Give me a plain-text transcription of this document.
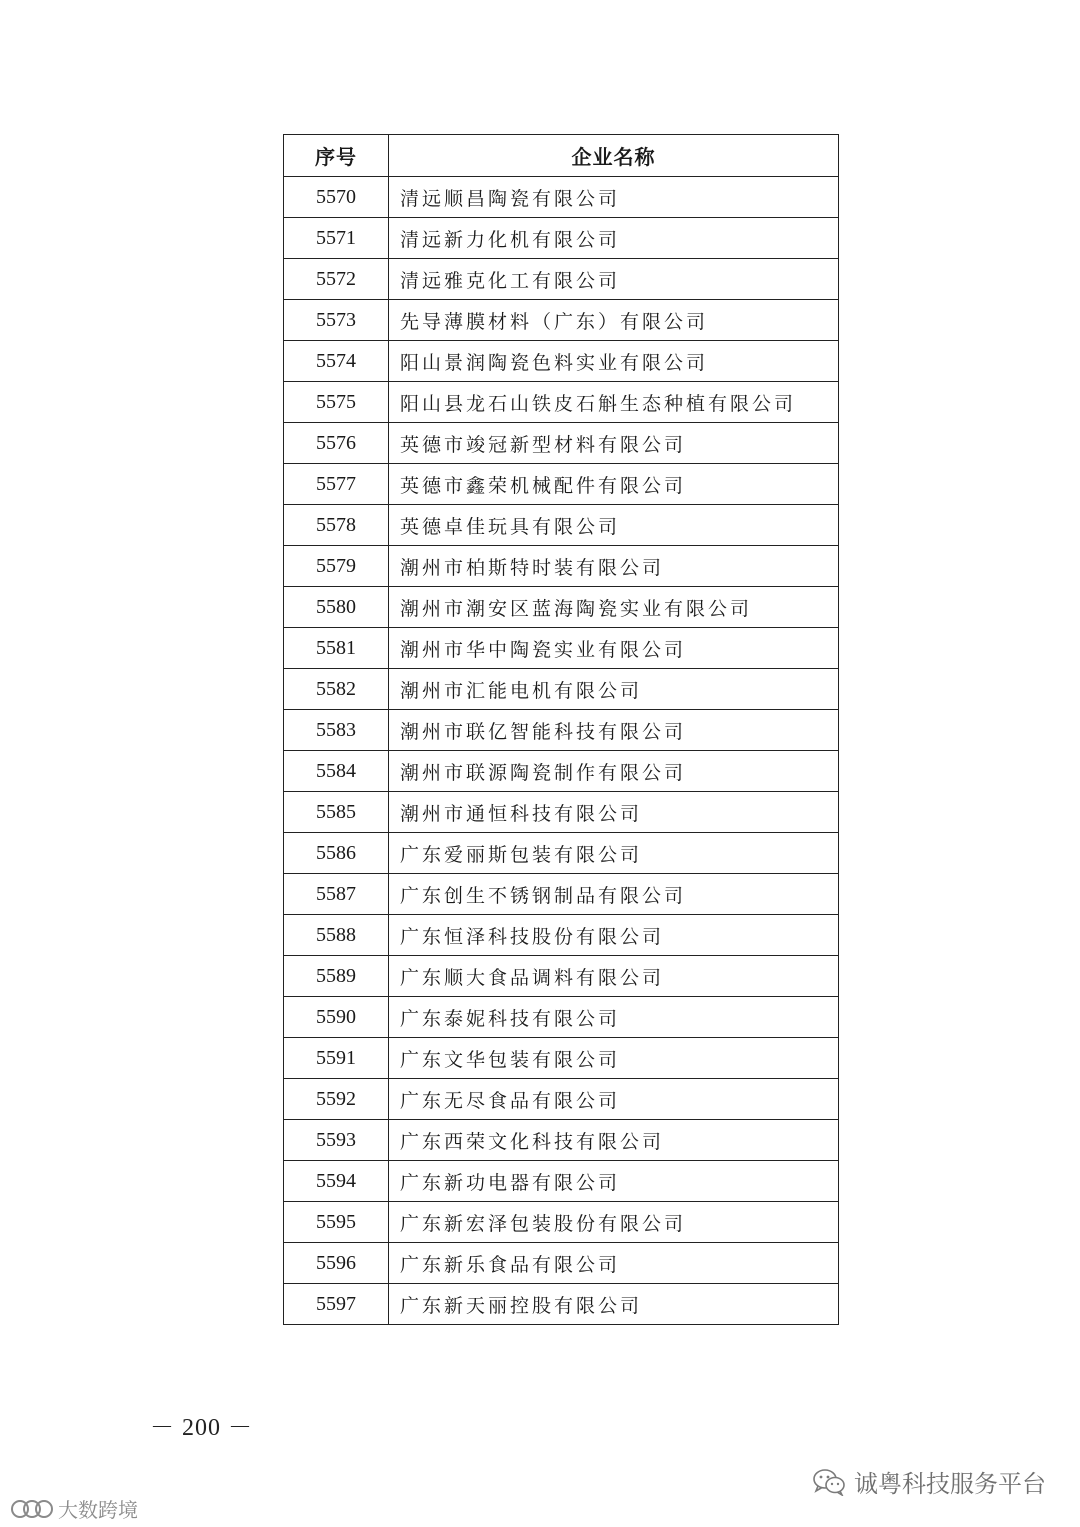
序号	企业名称
5570	清远顺昌陶瓷有限公司
5571	清远新力化机有限公司
5572	清远雅克化工有限公司
5573	先导薄膜材料（广东）有限公司
5574	阳山景润陶瓷色料实业有限公司
5575	阳山县龙石山铁皮石斛生态种植有限公司
5576	英德市竣冠新型材料有限公司
5577	英德市鑫荣机械配件有限公司
5578	英德卓佳玩具有限公司
5579	潮州市柏斯特时装有限公司
5580	潮州市潮安区蓝海陶瓷实业有限公司
5581	潮州市华中陶瓷实业有限公司
5582	潮州市汇能电机有限公司
5583	潮州市联亿智能科技有限公司
5584	潮州市联源陶瓷制作有限公司
5585	潮州市通恒科技有限公司
5586	广东爱丽斯包装有限公司
5587	广东创生不锈钢制品有限公司
5588	广东恒泽科技股份有限公司
5589	广东顺大食品调料有限公司
5590	广东泰妮科技有限公司
5591	广东文华包装有限公司
5592	广东无尽食品有限公司
5593	广东西荣文化科技有限公司
5594	广东新功电器有限公司
5595	广东新宏泽包装股份有限公司
5596	广东新乐食品有限公司
5597	广东新天丽控股有限公司
－ 200 －
诚粤科技服务平台
大数跨境
